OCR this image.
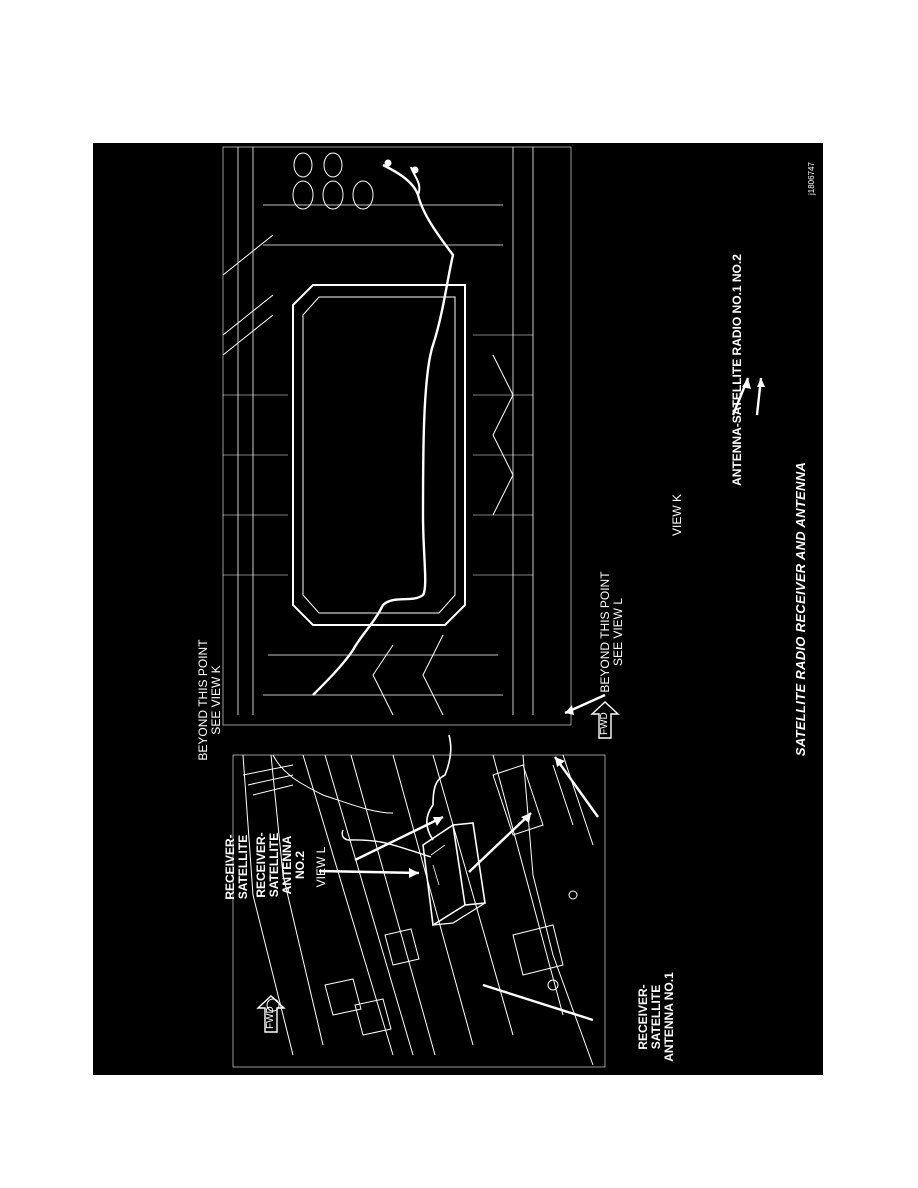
FWD
FWD
RECEIVER- SATELLITE ANTENNA NO.1
RECEIVER- SATELLITE	VIEW L
RECEIVER- SATELLITE ANTENNA NO.2
BEYOND THIS POINT SEE VIEW K
BEYOND THIS POINT SEE VIEW L
VIEW K
ANTENNA-SATELLITE RADIO NO.1 NO.2
j1806747
SATELLITE RADIO RECEIVER AND ANTENNA
